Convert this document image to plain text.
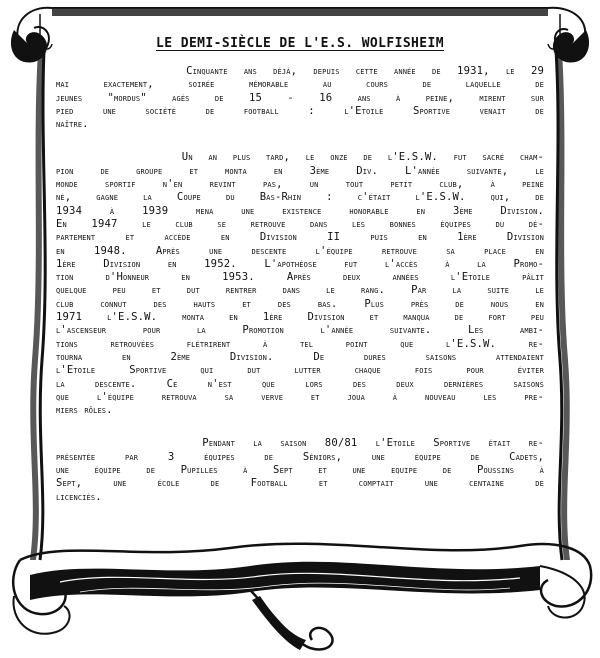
LE DEMI-SIÈCLE DE L'E.S. WOLFISHEIM
Cinquante ans déjà, depuis cette année de 1931, le 29
mai exactement, soirée mémorable au cours de laquelle de
jeunes "mordus" agés de 15 - 16 ans à peine, mirent sur
pied une société de football : l'Etoile Sportive venait de
naître.
Un an plus tard, le onze de l'E.S.W. fut sacré cham-
pion de groupe et monta en 3ème Div. L'année suivante, le
monde sportif n'en revint pas, un tout petit club, à peine
né, gagne la Coupe du Bas-Rhin : c'était l'E.S.W. qui, de
1934 à 1939 mena une existence honorable en 3ème Division.
En 1947 le club se retrouve dans les bonnes équipes du dé-
partement et accède en Division II puis en 1ère Division
en 1948. Après une descente l'équipe retrouve sa place en
1ère Division en 1952. L'apothéose fut l'accès à la Promo-
tion d'Honneur en 1953. Après deux années l'Etoile pâlit
quelque peu et dut rentrer dans le rang. Par la suite le
club connut des hauts et des bas. Plus près de nous en
1971 l'E.S.W. monta en 1ère Division et manqua de fort peu
l'ascenseur pour la Promotion l'année suivante. Les ambi-
tions retrouvées flétrirent à tel point que l'E.S.W. re-
tourna en 2ème Division. De dures saisons attendaient
l'Etoile Sportive qui dut lutter chaque fois pour éviter
la descente. Ce n'est que lors des deux dernières saisons
que l'équipe retrouva sa verve et joua à nouveau les pre-
miers rôles.
Pendant la saison 80/81 l'Etoile Sportive était re-
présentée par 3 équipes de Séniors, une équipe de Cadets,
une équipe de Pupilles à Sept et une equipe de Poussins à
Sept, une école de Football et comptait une centaine de
licenciés.
